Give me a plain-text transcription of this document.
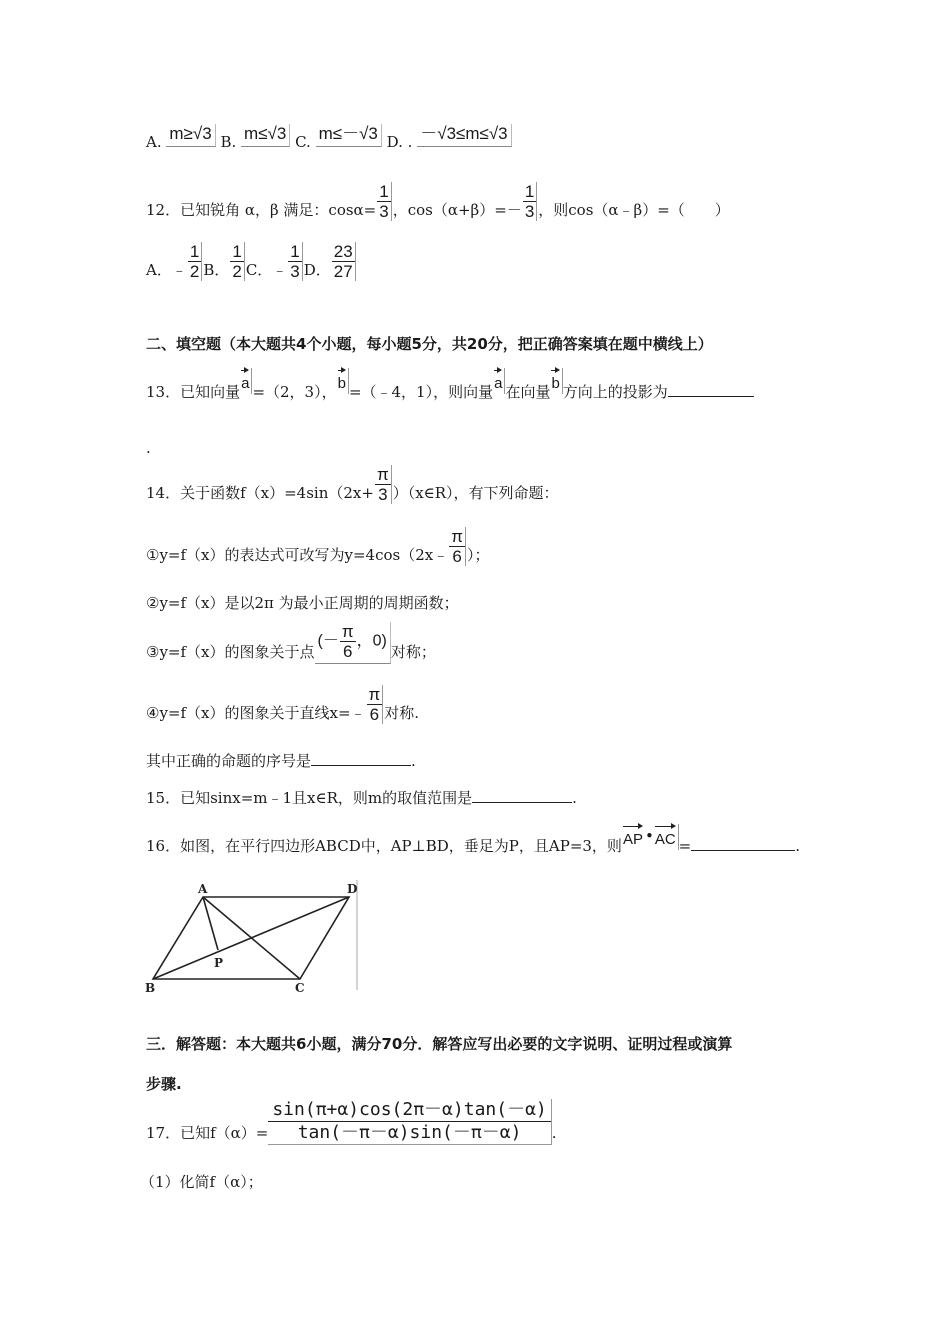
A. m≥√3 B. m≤√3 C. m≤－√3 D. . －√3≤m≤√3
12．已知锐角 α，β 满足：$\cos\alpha= \frac{1}{3}$ ，$\cos(\alpha+\beta)=- \frac{1}{3}$ ，则cos（α﹣β）=（　　）
A．﹣ $\frac{1}{2}$ B． $\frac{1}{2}$ C．﹣ $\frac{1}{3}$ D． $\frac{23}{27}$
二、填空题（本大题共4个小题，每小题5分，共20分，把正确答案填在题中横线上）
13．已知向量a =（2，3），b =（﹣4，1），则向量a 在向量b 方向上的投影为
.
14．关于函数$f(x)=4\sin(2x+ \frac{\pi}{3}$ ）（x∈R），有下列命题：
①y=f（x）的表达式可改写为y=4cos（2x﹣ $\frac{\pi}{6}$ ）；
②y=f（x）是以2π 为最小正周期的周期函数；
③y=f（x）的图象关于点(－ $\frac{\pi}{6}$ ，0)对称；
④y=f（x）的图象关于直线x=﹣ $\frac{\pi}{6}$ 对称.
其中正确的命题的序号是	.
15．已知sinx=m﹣1且x∈R，则m的取值范围是	.
16．如图，在平行四边形ABCD中，AP⊥BD，垂足为P，且AP=3，则AP •AC =	.
A	D
P
B	C
三．解答题：本大题共6小题，满分70分．解答应写出必要的文字说明、证明过程或演算
步骤.
17．已知$f(\alpha)= \frac{\sin(\pi+\alpha)\cos(2\pi-\alpha)\tan(-\alpha)}{\tan(-\pi-\alpha)\sin(-\pi-\alpha)}$ .
（1）化简f（α）；
